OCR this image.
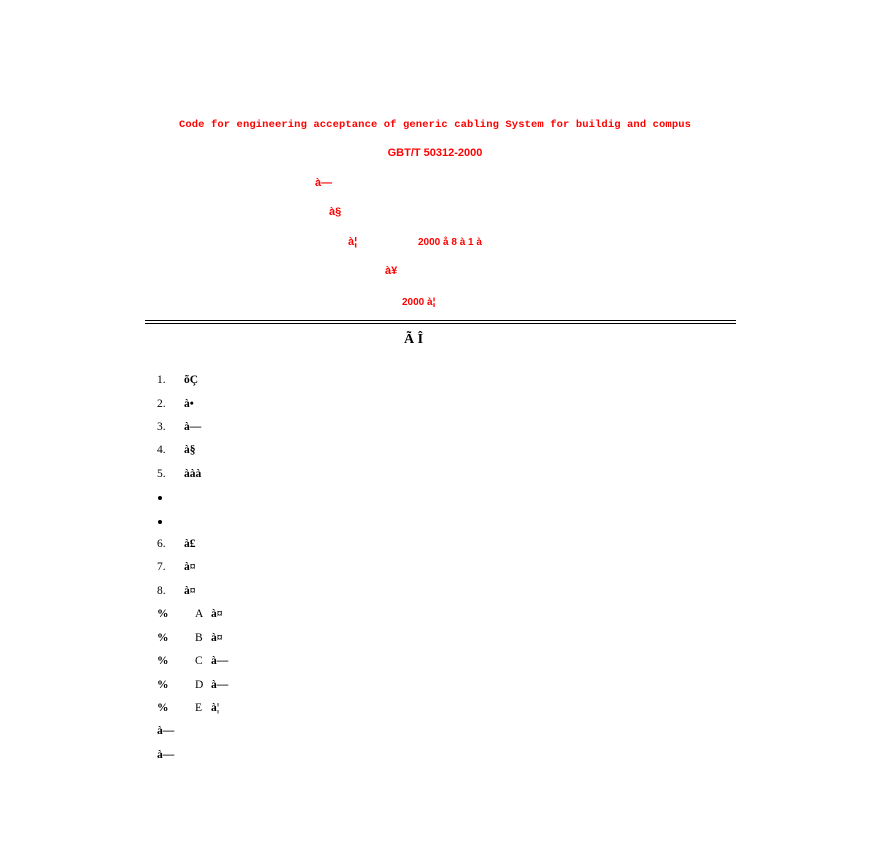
Code for engineering acceptance of generic cabling System for buildig and compus
GBT/T 50312-2000
à—
à§
à¦	2000 å 8 à 1 à
à¥
2000 à¦
Ã Î
1. õÇ
2. à•
3. à—
4. à§
5. ààà
6. à£
7. à¤
8. à¤
% A à¤
% B à¤
% C à—
% D à—
% E à¦
à—
à—
